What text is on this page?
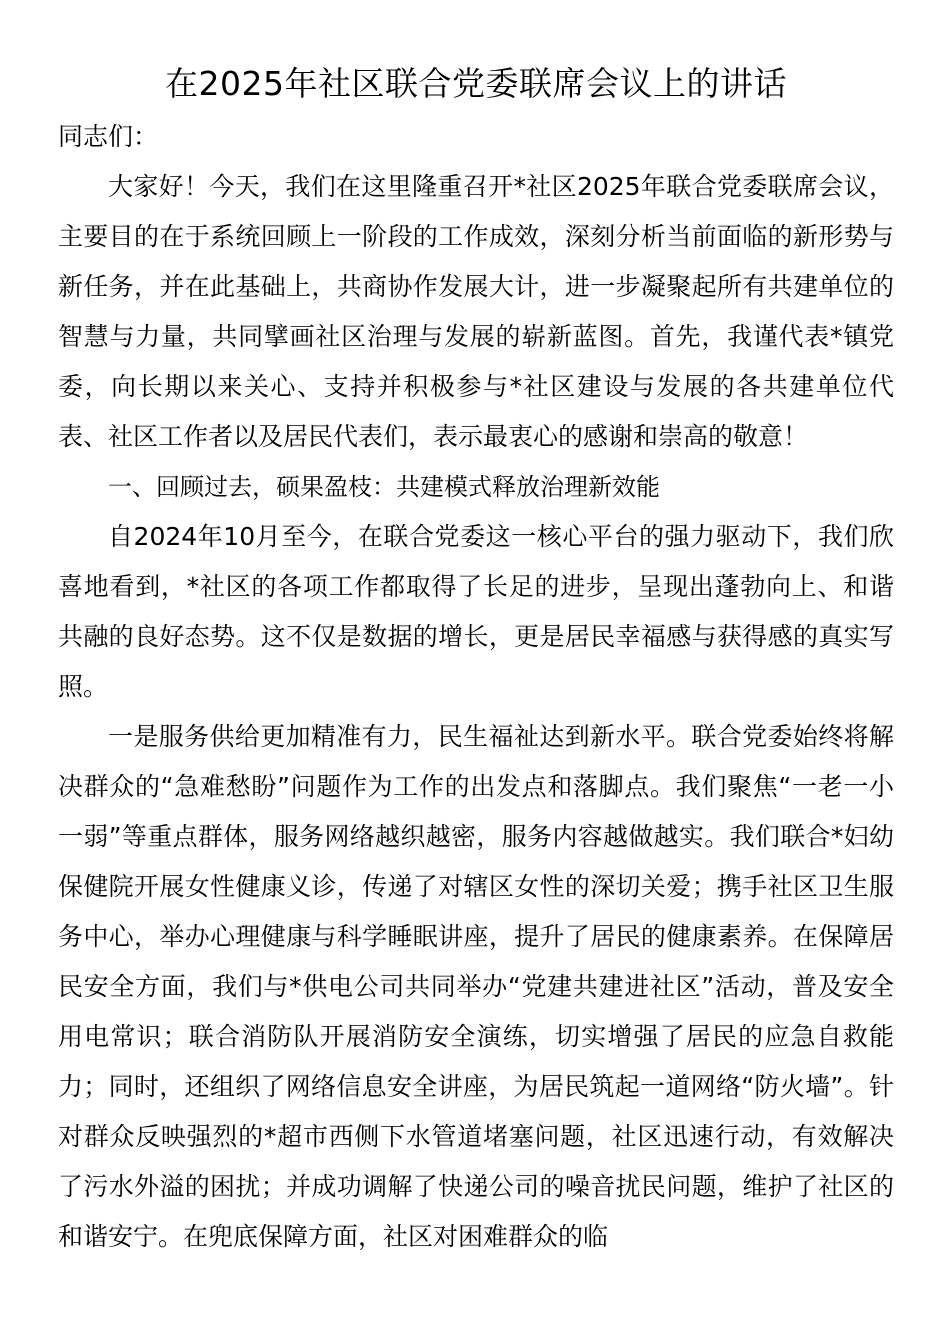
在2025年社区联合党委联席会议上的讲话

同志们：

大家好！今天，我们在这里隆重召开*社区2025年联合党委联席会议，主要目的在于系统回顾上一阶段的工作成效，深刻分析当前面临的新形势与新任务，并在此基础上，共商协作发展大计，进一步凝聚起所有共建单位的智慧与力量，共同擘画社区治理与发展的崭新蓝图。首先，我谨代表*镇党委，向长期以来关心、支持并积极参与*社区建设与发展的各共建单位代表、社区工作者以及居民代表们，表示最衷心的感谢和崇高的敬意！

一、回顾过去，硕果盈枝：共建模式释放治理新效能

自2024年10月至今，在联合党委这一核心平台的强力驱动下，我们欣喜地看到，*社区的各项工作都取得了长足的进步，呈现出蓬勃向上、和谐共融的良好态势。这不仅是数据的增长，更是居民幸福感与获得感的真实写照。

一是服务供给更加精准有力，民生福祉达到新水平。联合党委始终将解决群众的“急难愁盼”问题作为工作的出发点和落脚点。我们聚焦“一老一小一弱”等重点群体，服务网络越织越密，服务内容越做越实。我们联合*妇幼保健院开展女性健康义诊，传递了对辖区女性的深切关爱；携手社区卫生服务中心，举办心理健康与科学睡眠讲座，提升了居民的健康素养。在保障居民安全方面，我们与*供电公司共同举办“党建共建进社区”活动，普及安全用电常识；联合消防队开展消防安全演练，切实增强了居民的应急自救能力；同时，还组织了网络信息安全讲座，为居民筑起一道网络“防火墙”。针对群众反映强烈的*超市西侧下水管道堵塞问题，社区迅速行动，有效解决了污水外溢的困扰；并成功调解了快递公司的噪音扰民问题，维护了社区的和谐安宁。在兜底保障方面，社区对困难群众的临
